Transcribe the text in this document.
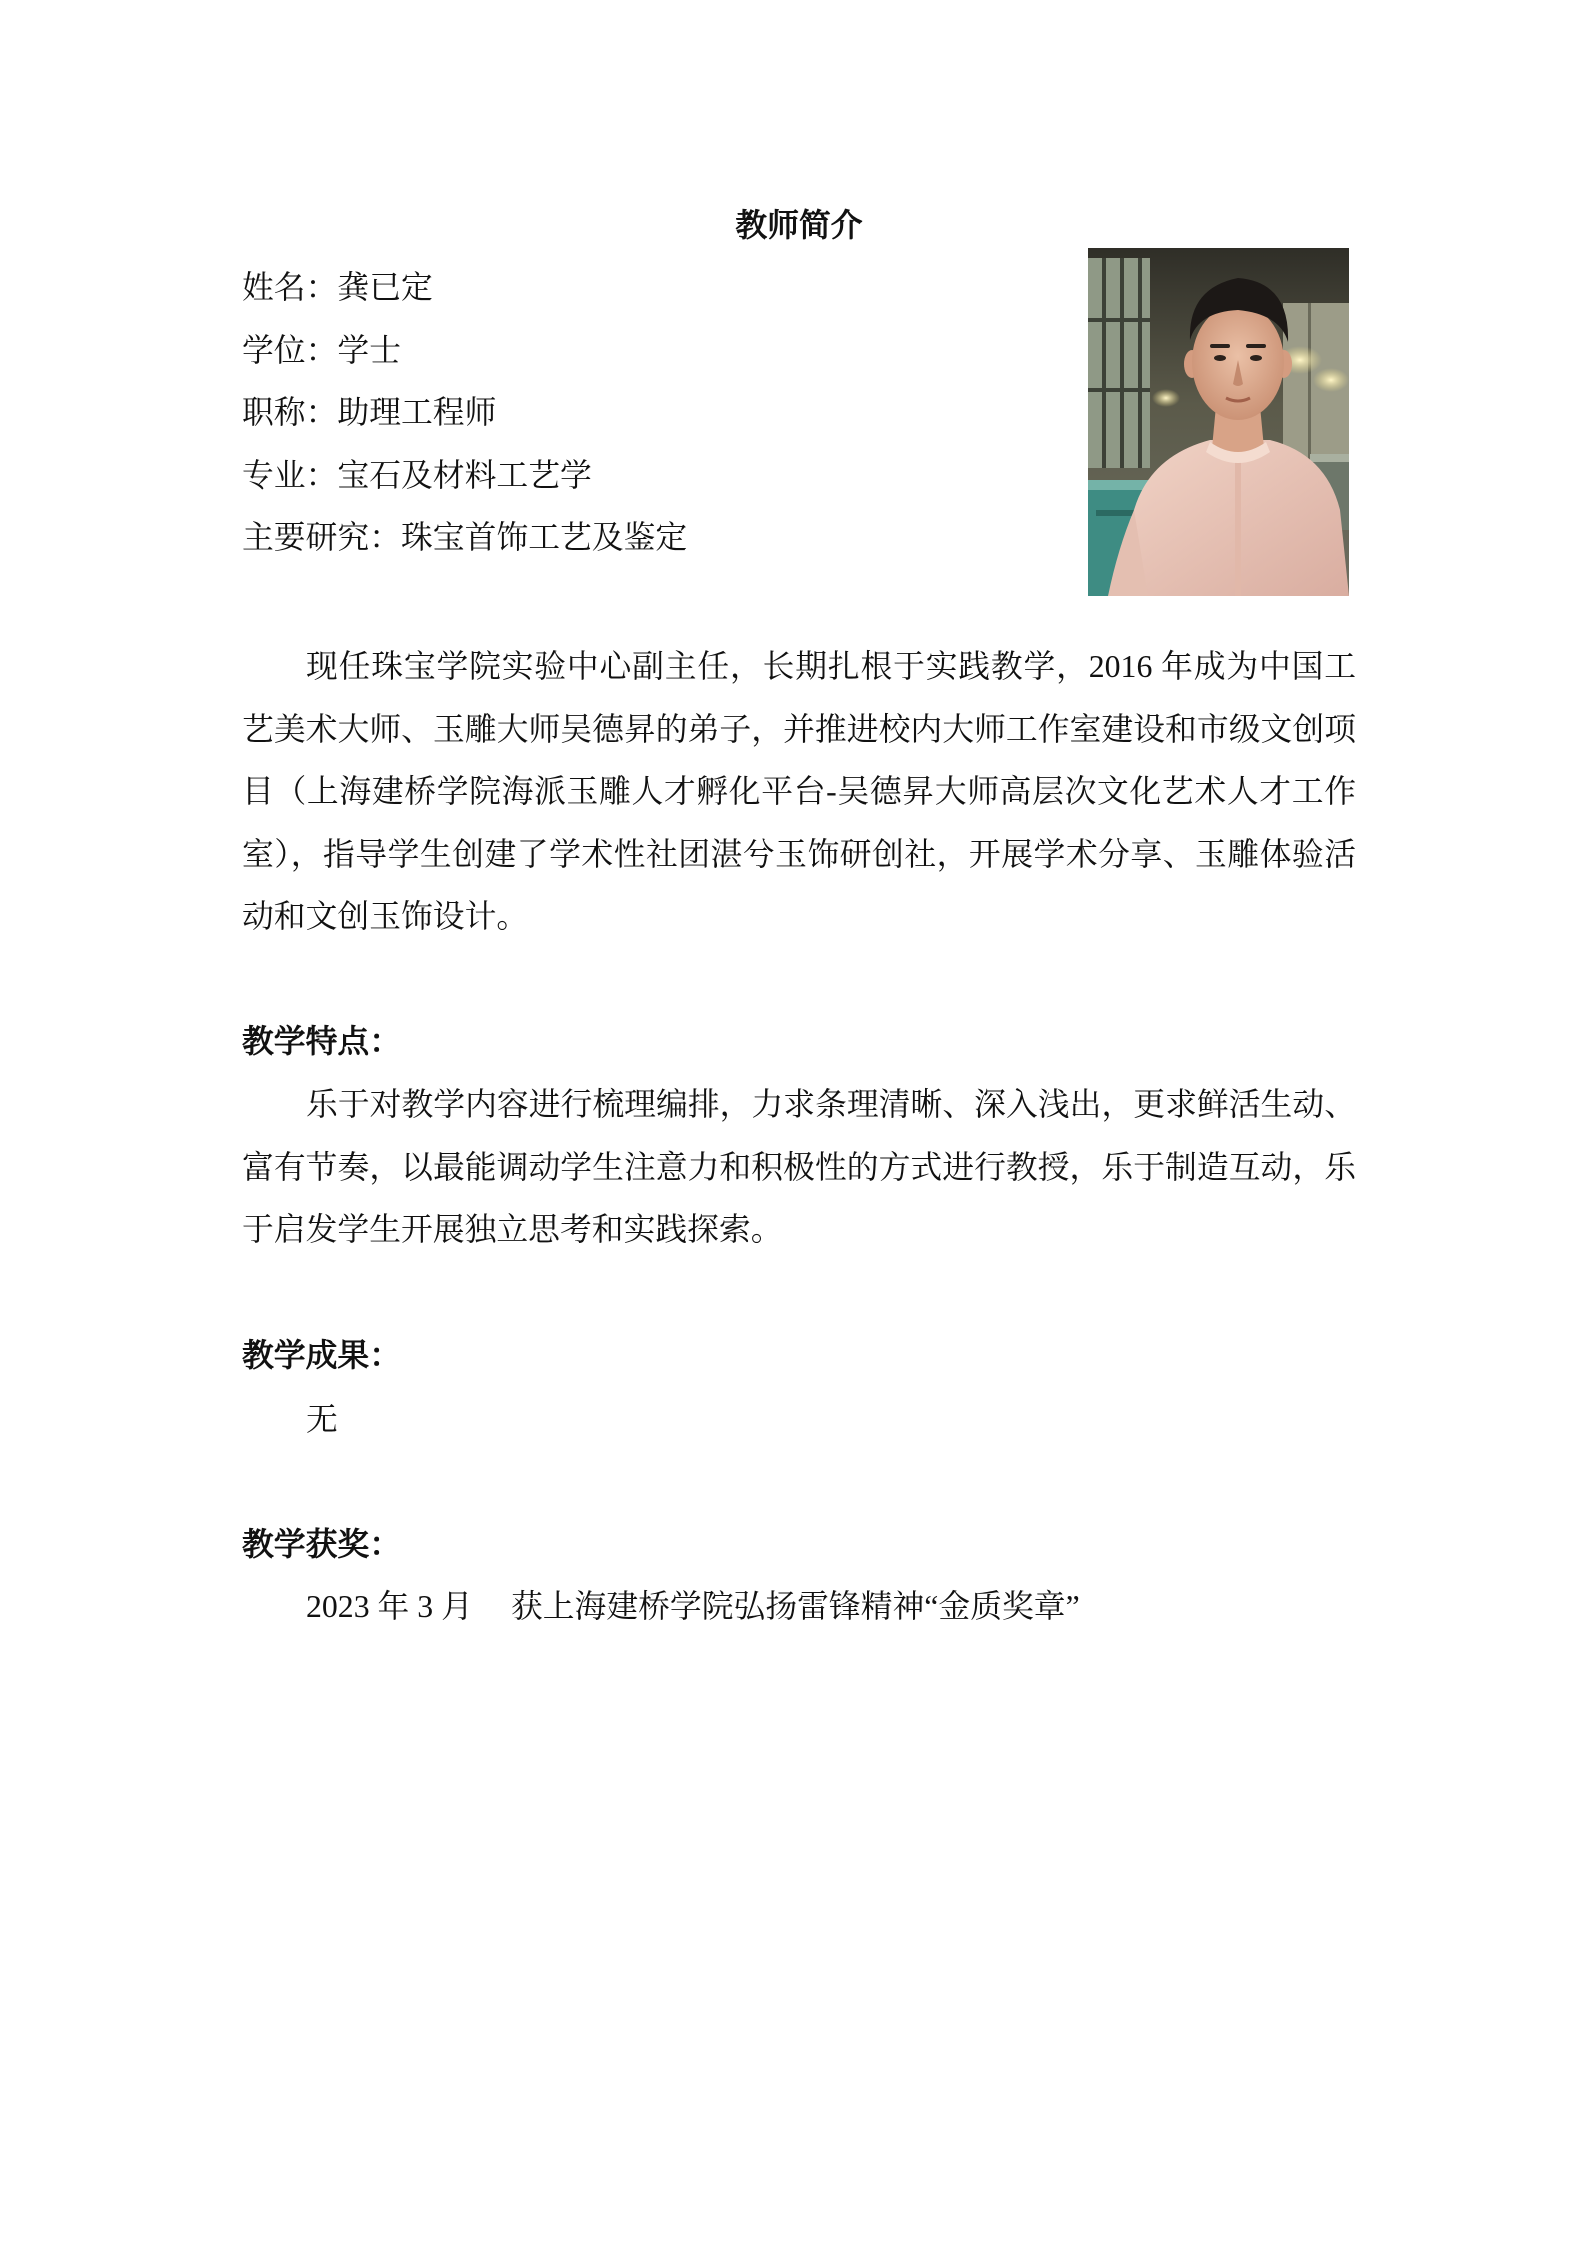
教师简介
姓名：龚已定
学位：学士
职称：助理工程师
专业：宝石及材料工艺学
主要研究：珠宝首饰工艺及鉴定
现任珠宝学院实验中心副主任，长期扎根于实践教学，2016 年成为中国工
艺美术大师、玉雕大师吴德昇的弟子，并推进校内大师工作室建设和市级文创项
目（上海建桥学院海派玉雕人才孵化平台-吴德昇大师高层次文化艺术人才工作
室），指导学生创建了学术性社团湛兮玉饰研创社，开展学术分享、玉雕体验活
动和文创玉饰设计。
教学特点：
乐于对教学内容进行梳理编排，力求条理清晰、深入浅出，更求鲜活生动、
富有节奏，以最能调动学生注意力和积极性的方式进行教授，乐于制造互动，乐
于启发学生开展独立思考和实践探索。
教学成果：
无
教学获奖：
2023 年 3 月 获上海建桥学院弘扬雷锋精神“金质奖章”
